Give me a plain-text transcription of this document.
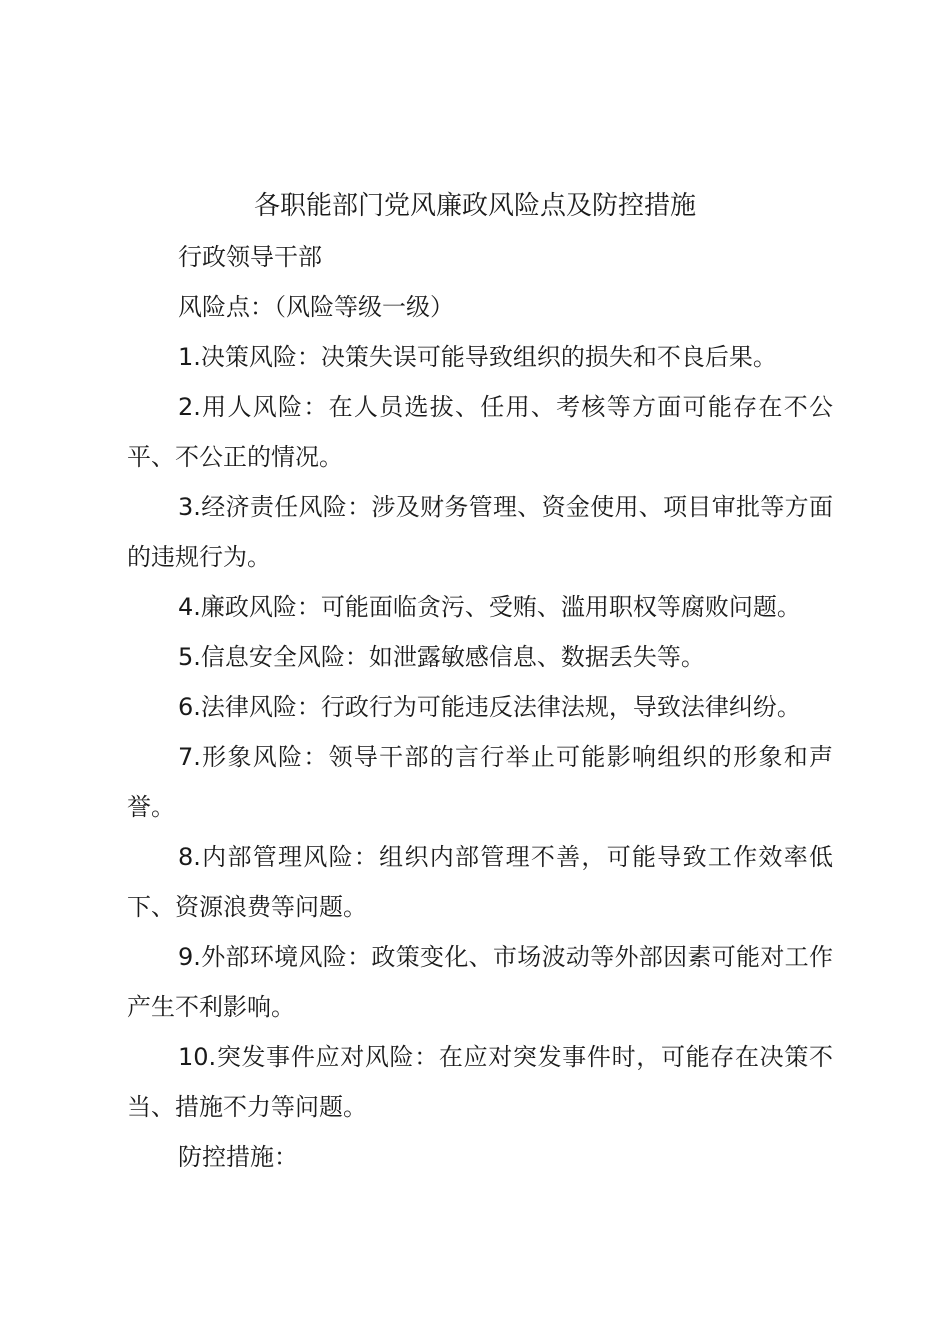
各职能部门党风廉政风险点及防控措施

行政领导干部

风险点：（风险等级一级）

1.决策风险：决策失误可能导致组织的损失和不良后果。

2.用人风险：在人员选拔、任用、考核等方面可能存在不公平、不公正的情况。

3.经济责任风险：涉及财务管理、资金使用、项目审批等方面的违规行为。

4.廉政风险：可能面临贪污、受贿、滥用职权等腐败问题。

5.信息安全风险：如泄露敏感信息、数据丢失等。

6.法律风险：行政行为可能违反法律法规，导致法律纠纷。

7.形象风险：领导干部的言行举止可能影响组织的形象和声誉。

8.内部管理风险：组织内部管理不善，可能导致工作效率低下、资源浪费等问题。

9.外部环境风险：政策变化、市场波动等外部因素可能对工作产生不利影响。

10.突发事件应对风险：在应对突发事件时，可能存在决策不当、措施不力等问题。

防控措施：
